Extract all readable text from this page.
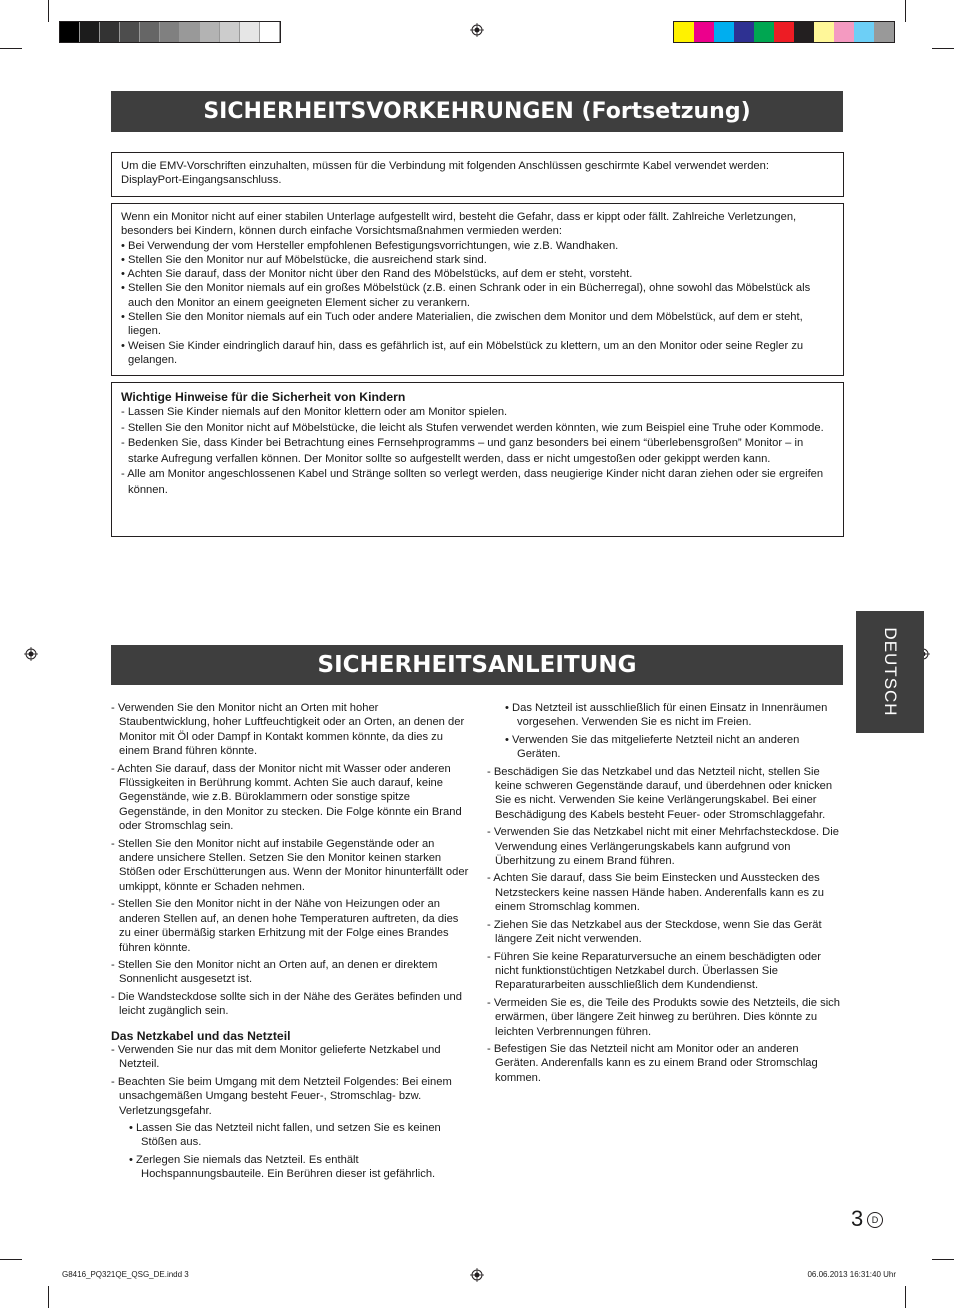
SICHERHEITSVORKEHRUNGEN (Fortsetzung)

Um die EMV-Vorschriften einzuhalten, müssen für die Verbindung mit folgenden Anschlüssen geschirmte Kabel verwendet werden:

DisplayPort-Eingangsanschluss.

Wenn ein Monitor nicht auf einer stabilen Unterlage aufgestellt wird, besteht die Gefahr, dass er kippt oder fällt. Zahlreiche Verletzungen, besonders bei Kindern, können durch einfache Vorsichtsmaßnahmen vermieden werden:

• Bei Verwendung der vom Hersteller empfohlenen Befestigungsvorrichtungen, wie z.B. Wandhaken.
• Stellen Sie den Monitor nur auf Möbelstücke, die ausreichend stark sind.
• Achten Sie darauf, dass der Monitor nicht über den Rand des Möbelstücks, auf dem er steht, vorsteht.
• Stellen Sie den Monitor niemals auf ein großes Möbelstück (z.B. einen Schrank oder in ein Bücherregal), ohne sowohl das Möbelstück als auch den Monitor an einem geeigneten Element sicher zu verankern.
• Stellen Sie den Monitor niemals auf ein Tuch oder andere Materialien, die zwischen dem Monitor und dem Möbelstück, auf dem er steht, liegen.
• Weisen Sie Kinder eindringlich darauf hin, dass es gefährlich ist, auf ein Möbelstück zu klettern, um an den Monitor oder seine Regler zu gelangen.

Wichtige Hinweise für die Sicherheit von Kindern

- Lassen Sie Kinder niemals auf den Monitor klettern oder am Monitor spielen.
- Stellen Sie den Monitor nicht auf Möbelstücke, die leicht als Stufen verwendet werden könnten, wie zum Beispiel eine Truhe oder Kommode.
- Bedenken Sie, dass Kinder bei Betrachtung eines Fernsehprogramms – und ganz besonders bei einem “überlebensgroßen” Monitor – in starke Aufregung verfallen können. Der Monitor sollte so aufgestellt werden, dass er nicht umgestoßen oder gekippt werden kann.
- Alle am Monitor angeschlossenen Kabel und Stränge sollten so verlegt werden, dass neugierige Kinder nicht daran ziehen oder sie ergreifen können.
DEUTSCH
SICHERHEITSANLEITUNG
- Verwenden Sie den Monitor nicht an Orten mit hoher Staubentwicklung, hoher Luftfeuchtigkeit oder an Orten, an denen der Monitor mit Öl oder Dampf in Kontakt kommen könnte, da dies zu einem Brand führen könnte.
- Achten Sie darauf, dass der Monitor nicht mit Wasser oder anderen Flüssigkeiten in Berührung kommt. Achten Sie auch darauf, keine Gegenstände, wie z.B. Büroklammern oder sonstige spitze Gegenstände, in den Monitor zu stecken. Die Folge könnte ein Brand oder Stromschlag sein.
- Stellen Sie den Monitor nicht auf instabile Gegenstände oder an andere unsichere Stellen. Setzen Sie den Monitor keinen starken Stößen oder Erschütterungen aus. Wenn der Monitor hinunterfällt oder umkippt, könnte er Schaden nehmen.
- Stellen Sie den Monitor nicht in der Nähe von Heizungen oder an anderen Stellen auf, an denen hohe Temperaturen auftreten, da dies zu einer übermäßig starken Erhitzung mit der Folge eines Brandes führen könnte.
- Stellen Sie den Monitor nicht an Orten auf, an denen er direktem Sonnenlicht ausgesetzt ist.
- Die Wandsteckdose sollte sich in der Nähe des Gerätes befinden und leicht zugänglich sein.
Das Netzkabel und das Netzteil
- Verwenden Sie nur das mit dem Monitor gelieferte Netzkabel und Netzteil.
- Beachten Sie beim Umgang mit dem Netzteil Folgendes: Bei einem unsachgemäßen Umgang besteht Feuer-, Stromschlag- bzw. Verletzungsgefahr.
• Lassen Sie das Netzteil nicht fallen, und setzen Sie es keinen Stößen aus.
• Zerlegen Sie niemals das Netzteil. Es enthält Hochspannungsbauteile. Ein Berühren dieser ist gefährlich.
• Das Netzteil ist ausschließlich für einen Einsatz in Innenräumen vorgesehen. Verwenden Sie es nicht im Freien.
• Verwenden Sie das mitgelieferte Netzteil nicht an anderen Geräten.
- Beschädigen Sie das Netzkabel und das Netzteil nicht, stellen Sie keine schweren Gegenstände darauf, und überdehnen oder knicken Sie es nicht. Verwenden Sie keine Verlängerungskabel. Bei einer Beschädigung des Kabels besteht Feuer- oder Stromschlaggefahr.
- Verwenden Sie das Netzkabel nicht mit einer Mehrfachsteckdose. Die Verwendung eines Verlängerungskabels kann aufgrund von Überhitzung zu einem Brand führen.
- Achten Sie darauf, dass Sie beim Einstecken und Ausstecken des Netzsteckers keine nassen Hände haben. Anderenfalls kann es zu einem Stromschlag kommen.
- Ziehen Sie das Netzkabel aus der Steckdose, wenn Sie das Gerät längere Zeit nicht verwenden.
- Führen Sie keine Reparaturversuche an einem beschädigten oder nicht funktionstüchtigen Netzkabel durch. Überlassen Sie Reparaturarbeiten ausschließlich dem Kundendienst.
- Vermeiden Sie es, die Teile des Produkts sowie des Netzteils, die sich erwärmen, über längere Zeit hinweg zu berühren. Dies könnte zu leichten Verbrennungen führen.
- Befestigen Sie das Netzteil nicht am Monitor oder an anderen Geräten. Anderenfalls kann es zu einem Brand oder Stromschlag kommen.
3 D
G8416_PQ321QE_QSG_DE.indd 3	06.06.2013 16:31:40 Uhr
